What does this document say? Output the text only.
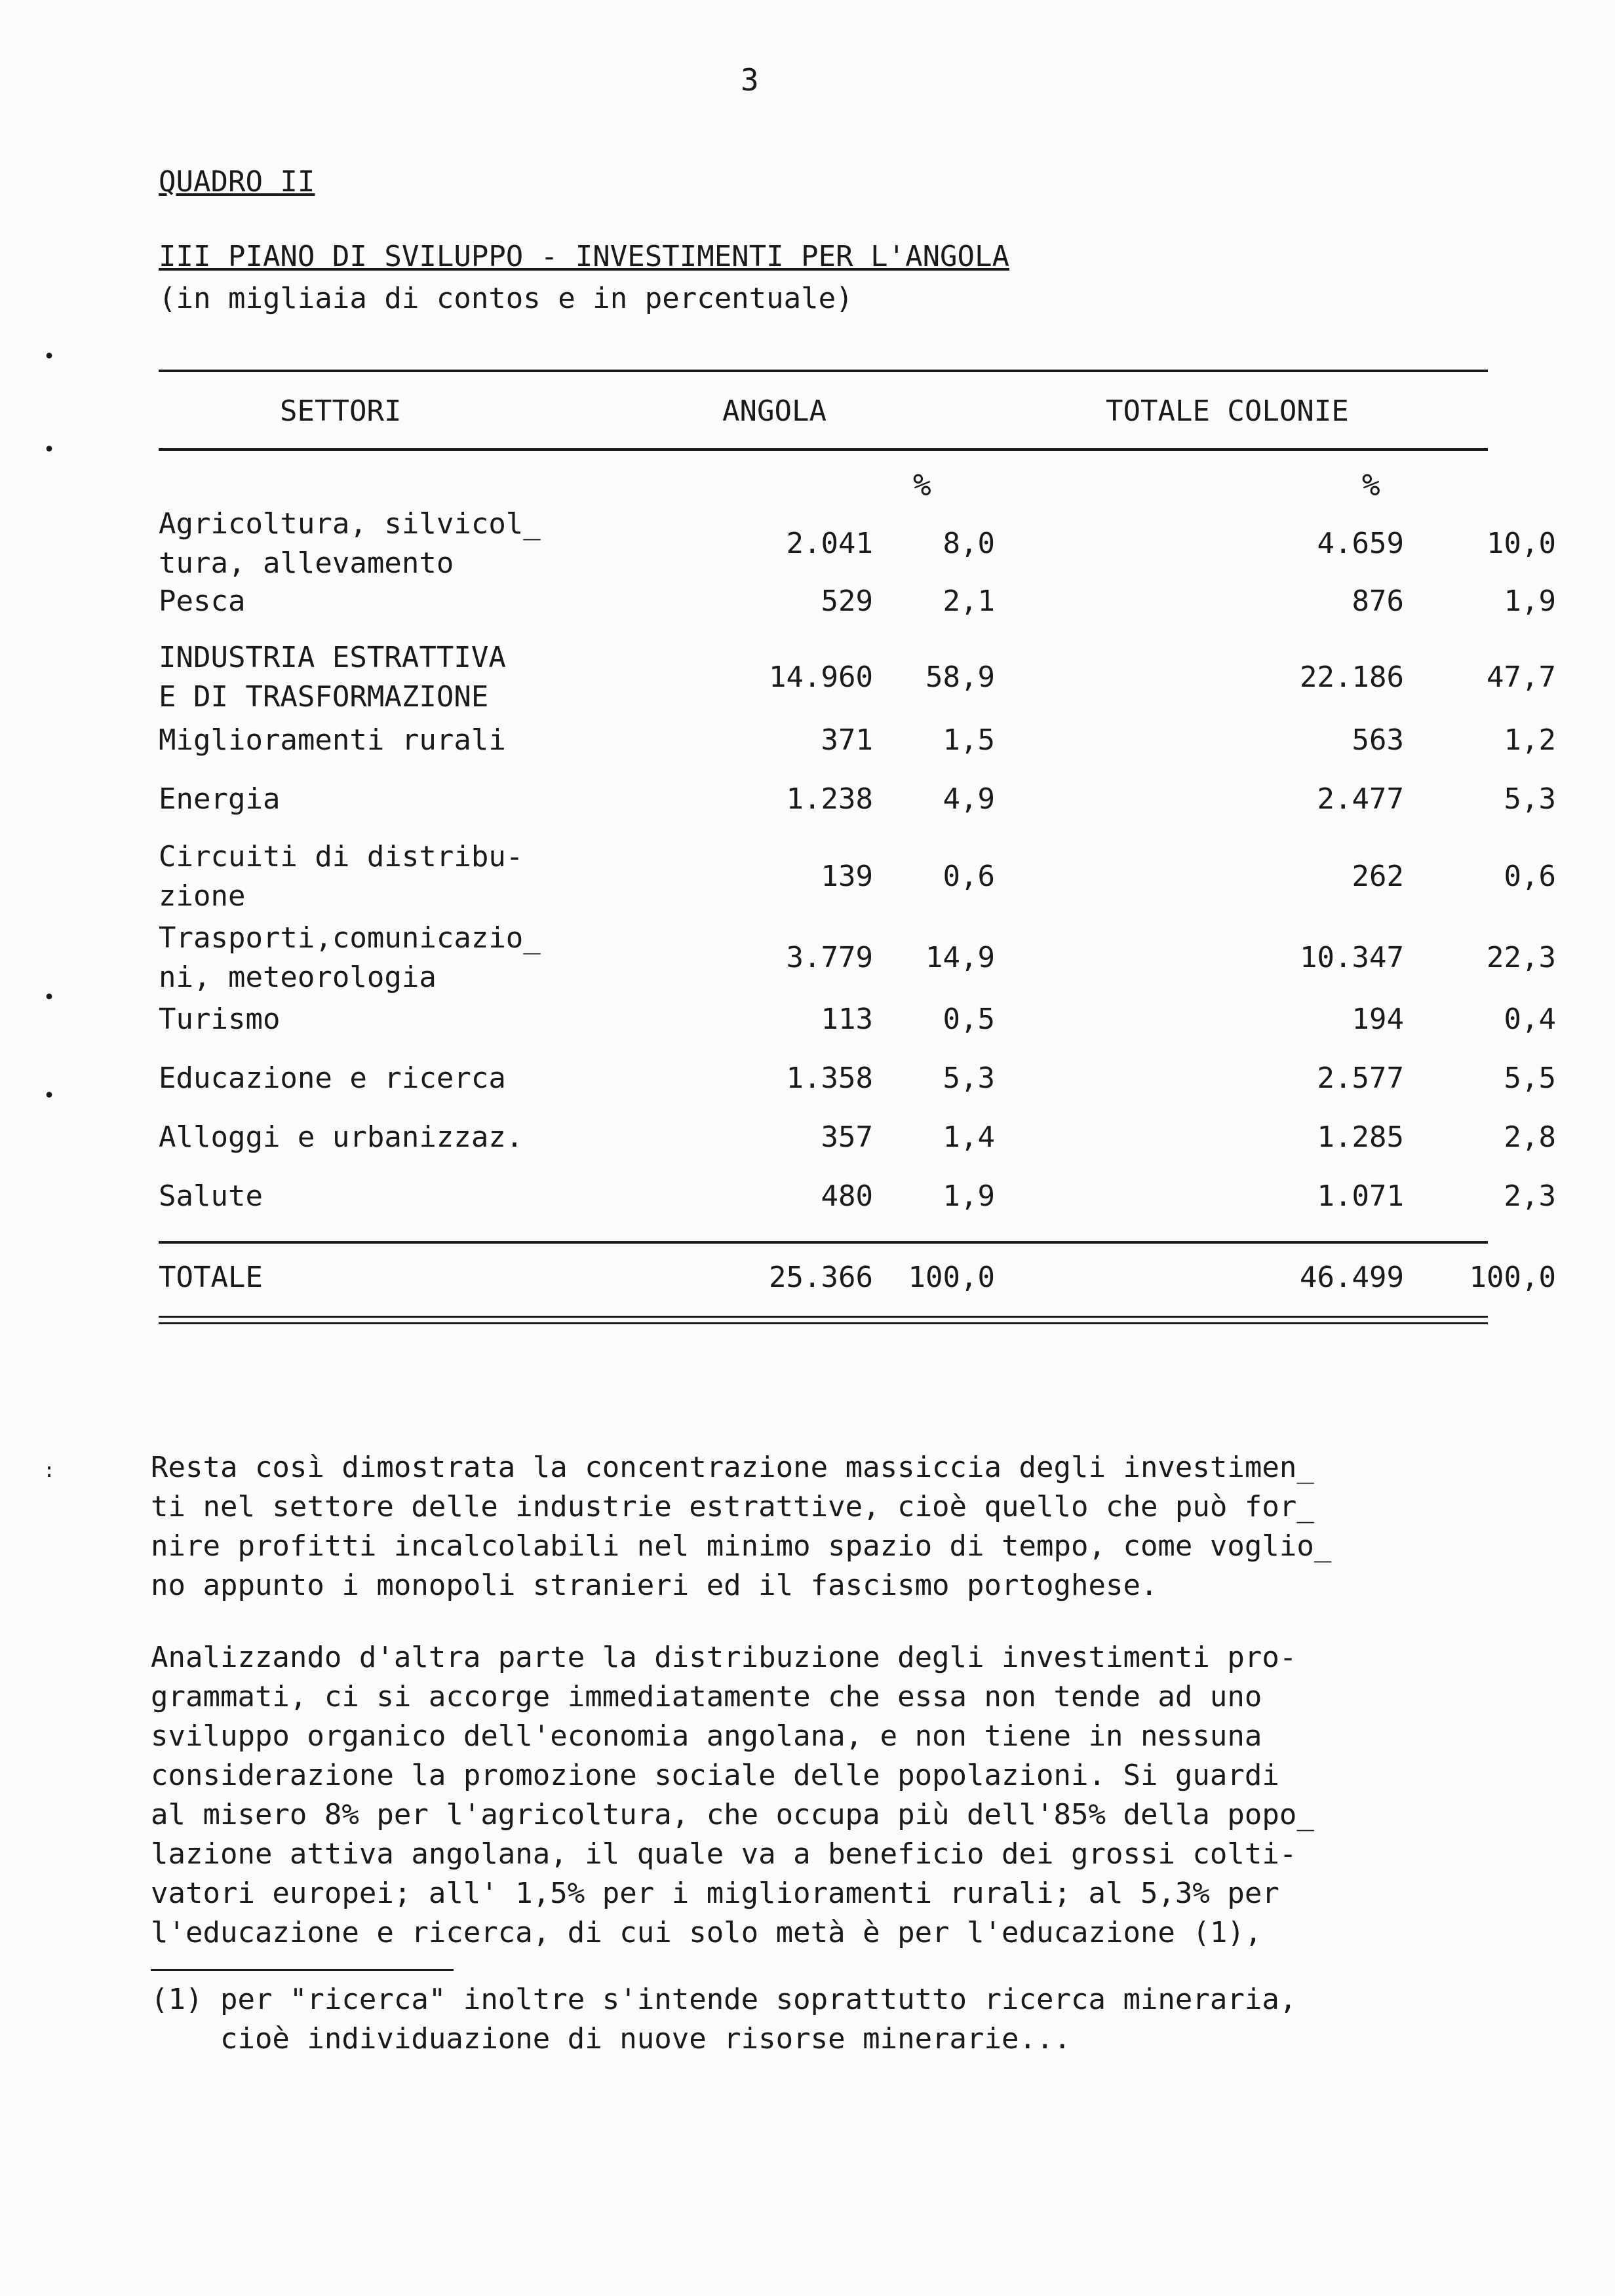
3
QUADRO II
III PIANO DI SVILUPPO - INVESTIMENTI PER L'ANGOLA
(in migliaia di contos e in percentuale)
SETTORI	ANGOLA	TOTALE COLONIE
%	%
Agricoltura, silvicol_
tura, allevamento
2.041	8,0	4.659	10,0
Pesca	529	2,1	876	1,9
INDUSTRIA ESTRATTIVA
E DI TRASFORMAZIONE
14.960	58,9	22.186	47,7
Miglioramenti rurali	371	1,5	563	1,2
Energia	1.238	4,9	2.477	5,3
Circuiti di distribu-
zione
139	0,6	262	0,6
Trasporti,comunicazio_
ni, meteorologia
3.779	14,9	10.347	22,3
Turismo	113	0,5	194	0,4
Educazione e ricerca	1.358	5,3	2.577	5,5
Alloggi e urbanizzaz.	357	1,4	1.285	2,8
Salute	480	1,9	1.071	2,3
TOTALE	25.366	100,0	46.499	100,0
Resta così dimostrata la concentrazione massiccia degli investimen_
ti nel settore delle industrie estrattive, cioè quello che può for_
nire profitti incalcolabili nel minimo spazio di tempo, come voglio_
no appunto i monopoli stranieri ed il fascismo portoghese.
Analizzando d'altra parte la distribuzione degli investimenti pro-
grammati, ci si accorge immediatamente che essa non tende ad uno
sviluppo organico dell'economia angolana, e non tiene in nessuna
considerazione la promozione sociale delle popolazioni. Si guardi
al misero 8% per l'agricoltura, che occupa più dell'85% della popo_
lazione attiva angolana, il quale va a beneficio dei grossi colti-
vatori europei; all' 1,5% per i miglioramenti rurali; al 5,3% per
l'educazione e ricerca, di cui solo metà è per l'educazione (1),
(1) per "ricerca" inoltre s'intende soprattutto ricerca mineraria,
cioè individuazione di nuove risorse minerarie...
•
•
•
•
:
